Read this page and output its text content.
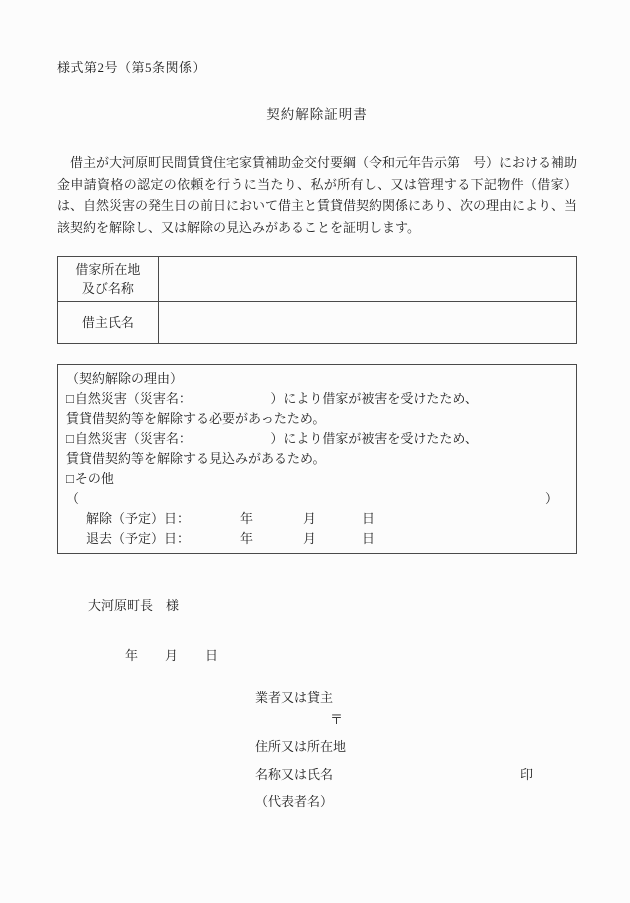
様式第2号（第5条関係）
契約解除証明書

　借主が大河原町民間賃貸住宅家賃補助金交付要綱（令和元年告示第　号）における補助金申請資格の認定の依頼を行うに当たり、私が所有し、又は管理する下記物件（借家）は、自然災害の発生日の前日において借主と賃貸借契約関係にあり、次の理由により、当該契約を解除し、又は解除の見込みがあることを証明します。

借家所在地
及び名称	

借主氏名	
（契約解除の理由）
□自然災害（災害名：	）により借家が被害を受けたため、
賃貸借契約等を解除する必要があったため。
□自然災害（災害名：	）により借家が被害を受けたため、
賃貸借契約等を解除する見込みがあるため。
□その他
（	）
解除（予定）日：	年	月	日
退去（予定）日：	年	月	日
大河原町長　様
年 月 日
業者又は貸主
〒
住所又は所在地
名称又は氏名	印
（代表者名）
